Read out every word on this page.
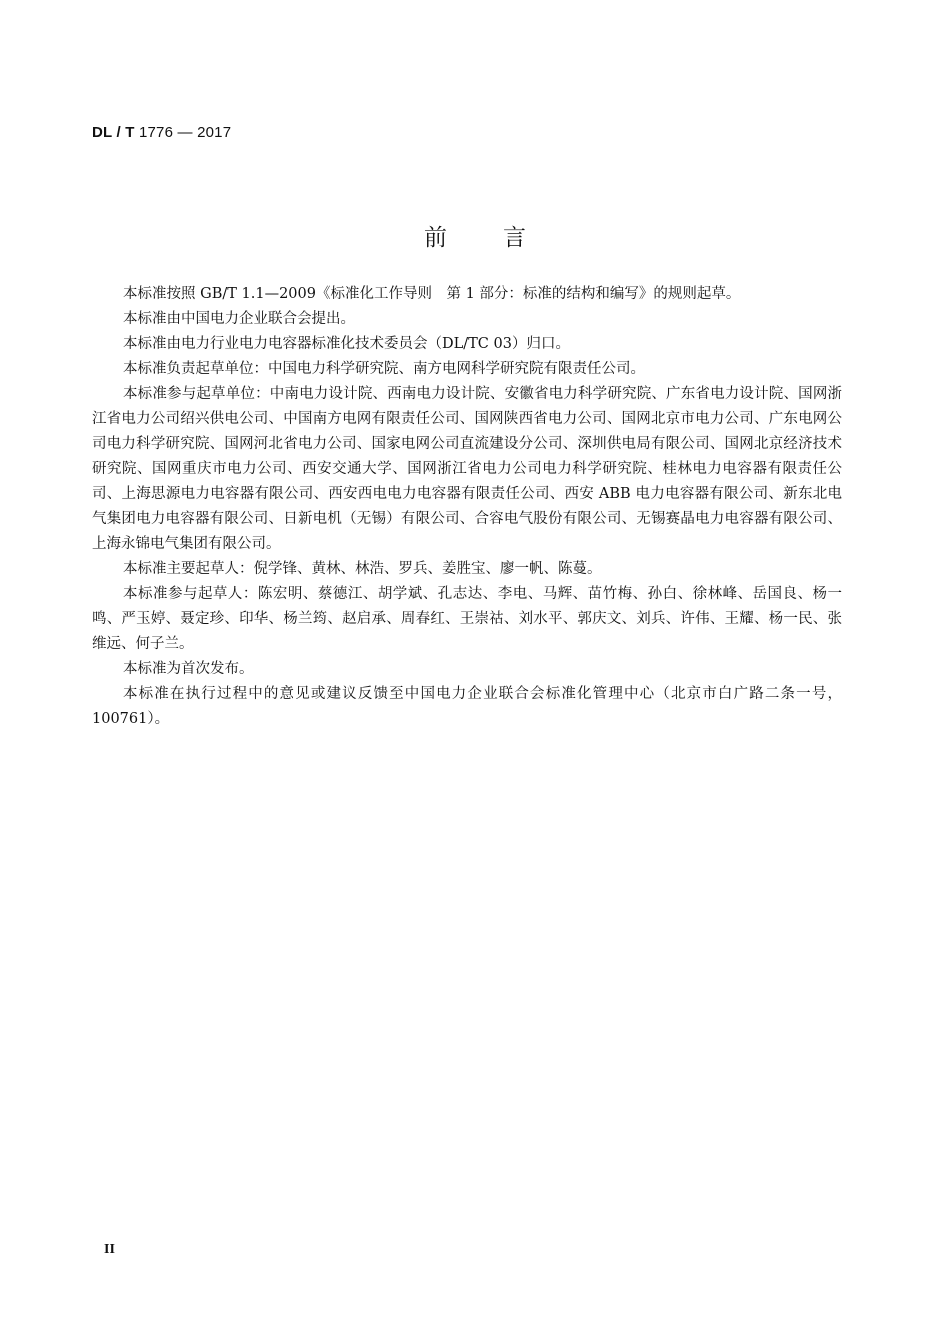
DL / T 1776 — 2017
前言

本标准按照 GB/T 1.1—2009《标准化工作导则　第 1 部分：标准的结构和编写》的规则起草。

本标准由中国电力企业联合会提出。

本标准由电力行业电力电容器标准化技术委员会（DL/TC 03）归口。

本标准负责起草单位：中国电力科学研究院、南方电网科学研究院有限责任公司。

本标准参与起草单位：中南电力设计院、西南电力设计院、安徽省电力科学研究院、广东省电力设计院、国网浙江省电力公司绍兴供电公司、中国南方电网有限责任公司、国网陕西省电力公司、国网北京市电力公司、广东电网公司电力科学研究院、国网河北省电力公司、国家电网公司直流建设分公司、深圳供电局有限公司、国网北京经济技术研究院、国网重庆市电力公司、西安交通大学、国网浙江省电力公司电力科学研究院、桂林电力电容器有限责任公司、上海思源电力电容器有限公司、西安西电电力电容器有限责任公司、西安 ABB 电力电容器有限公司、新东北电气集团电力电容器有限公司、日新电机（无锡）有限公司、合容电气股份有限公司、无锡赛晶电力电容器有限公司、上海永锦电气集团有限公司。

本标准主要起草人：倪学锋、黄林、林浩、罗兵、姜胜宝、廖一帆、陈蔓。

本标准参与起草人：陈宏明、蔡德江、胡学斌、孔志达、李电、马辉、苗竹梅、孙白、徐林峰、岳国良、杨一鸣、严玉婷、聂定珍、印华、杨兰筠、赵启承、周春红、王崇祜、刘水平、郭庆文、刘兵、许伟、王耀、杨一民、张维远、何子兰。

本标准为首次发布。

本标准在执行过程中的意见或建议反馈至中国电力企业联合会标准化管理中心（北京市白广路二条一号，100761）。

II
